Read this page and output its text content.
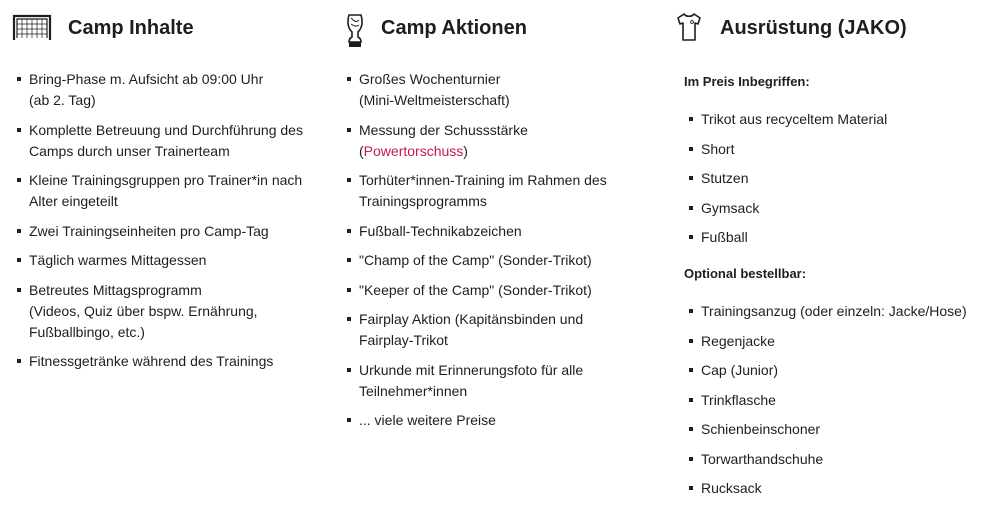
Camp Inhalte
Bring-Phase m. Aufsicht ab 09:00 Uhr
(ab 2. Tag)
Komplette Betreuung und Durchführung des
Camps durch unser Trainerteam
Kleine Trainingsgruppen pro Trainer*in nach
Alter eingeteilt
Zwei Trainingseinheiten pro Camp-Tag
Täglich warmes Mittagessen
Betreutes Mittagsprogramm
(Videos, Quiz über bspw. Ernährung,
Fußballbingo, etc.)
Fitnessgetränke während des Trainings
Camp Aktionen
Großes Wochenturnier
(Mini-Weltmeisterschaft)
Messung der Schussstärke
(Powertorschuss)
Torhüter*innen-Training im Rahmen des
Trainingsprogramms
Fußball-Technikabzeichen
"Champ of the Camp" (Sonder-Trikot)
"Keeper of the Camp" (Sonder-Trikot)
Fairplay Aktion (Kapitänsbinden und
Fairplay-Trikot
Urkunde mit Erinnerungsfoto für alle
Teilnehmer*innen
... viele weitere Preise
Ausrüstung (JAKO)
Im Preis Inbegriffen:
Trikot aus recyceltem Material
Short
Stutzen
Gymsack
Fußball
Optional bestellbar:
Trainingsanzug (oder einzeln: Jacke/Hose)
Regenjacke
Cap (Junior)
Trinkflasche
Schienbeinschoner
Torwarthandschuhe
Rucksack
